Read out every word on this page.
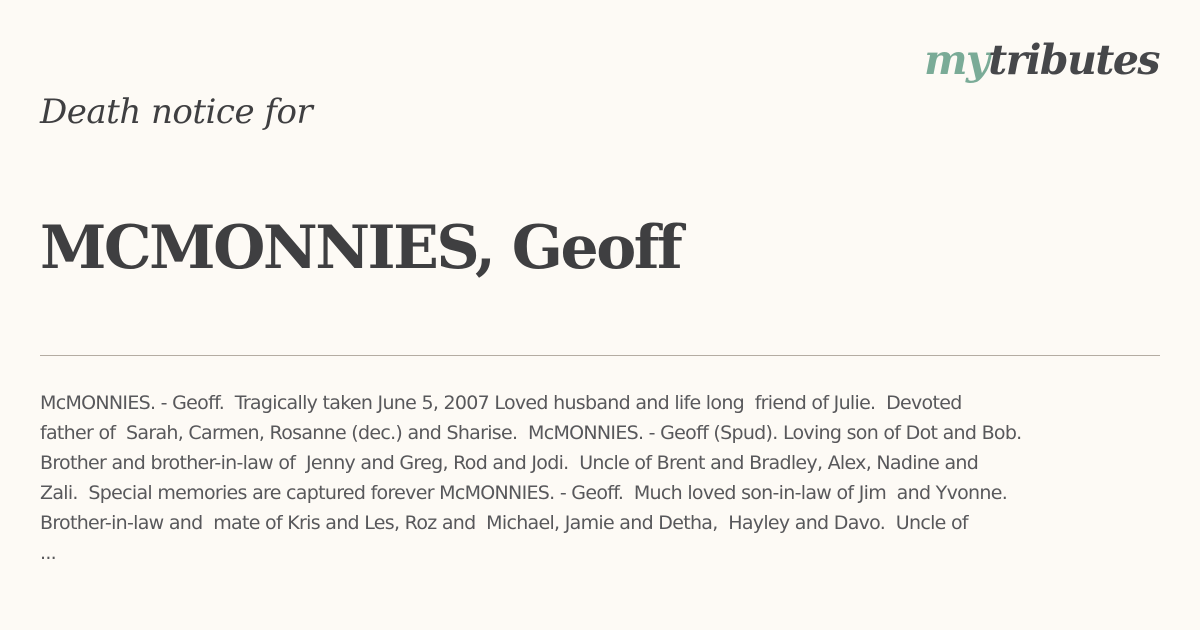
mytributes
Death notice for
MCMONNIES, Geoff
McMONNIES. - Geoff.  Tragically taken June 5, 2007 Loved husband and life long  friend of Julie.  Devoted
father of  Sarah, Carmen, Rosanne (dec.) and Sharise.  McMONNIES. - Geoff (Spud). Loving son of Dot and Bob.
Brother and brother-in-law of  Jenny and Greg, Rod and Jodi.  Uncle of Brent and Bradley, Alex, Nadine and
Zali.  Special memories are captured forever McMONNIES. - Geoff.  Much loved son-in-law of Jim  and Yvonne.
Brother-in-law and  mate of Kris and Les, Roz and  Michael, Jamie and Detha,  Hayley and Davo.  Uncle of
...
